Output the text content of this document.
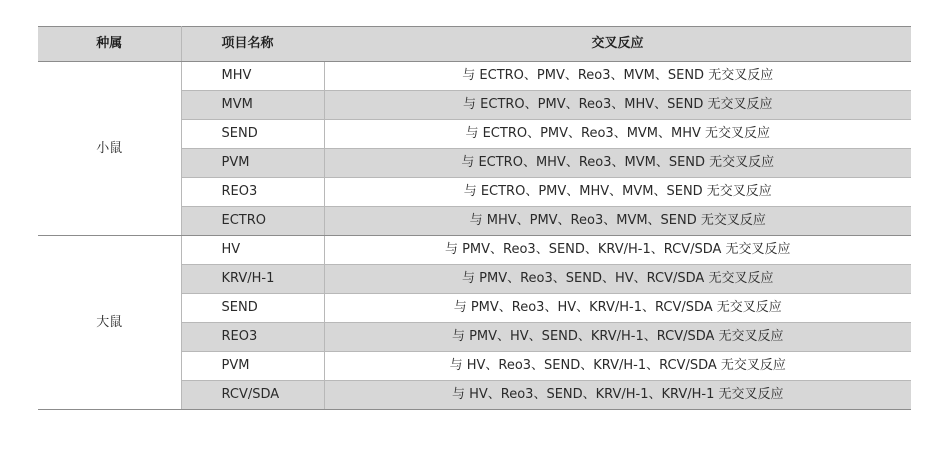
种属	项目名称	交叉反应
小鼠	MHV	与 ECTRO、PMV、Reo3、MVM、SEND 无交叉反应
	MVM	与 ECTRO、PMV、Reo3、MHV、SEND 无交叉反应
	SEND	与 ECTRO、PMV、Reo3、MVM、MHV 无交叉反应
	PVM	与 ECTRO、MHV、Reo3、MVM、SEND 无交叉反应
	REO3	与 ECTRO、PMV、MHV、MVM、SEND 无交叉反应
	ECTRO	与 MHV、PMV、Reo3、MVM、SEND 无交叉反应
大鼠	HV	与 PMV、Reo3、SEND、KRV/H-1、RCV/SDA 无交叉反应
	KRV/H-1	与 PMV、Reo3、SEND、HV、RCV/SDA 无交叉反应
	SEND	与 PMV、Reo3、HV、KRV/H-1、RCV/SDA 无交叉反应
	REO3	与 PMV、HV、SEND、KRV/H-1、RCV/SDA 无交叉反应
	PVM	与 HV、Reo3、SEND、KRV/H-1、RCV/SDA 无交叉反应
	RCV/SDA	与 HV、Reo3、SEND、KRV/H-1、KRV/H-1 无交叉反应
